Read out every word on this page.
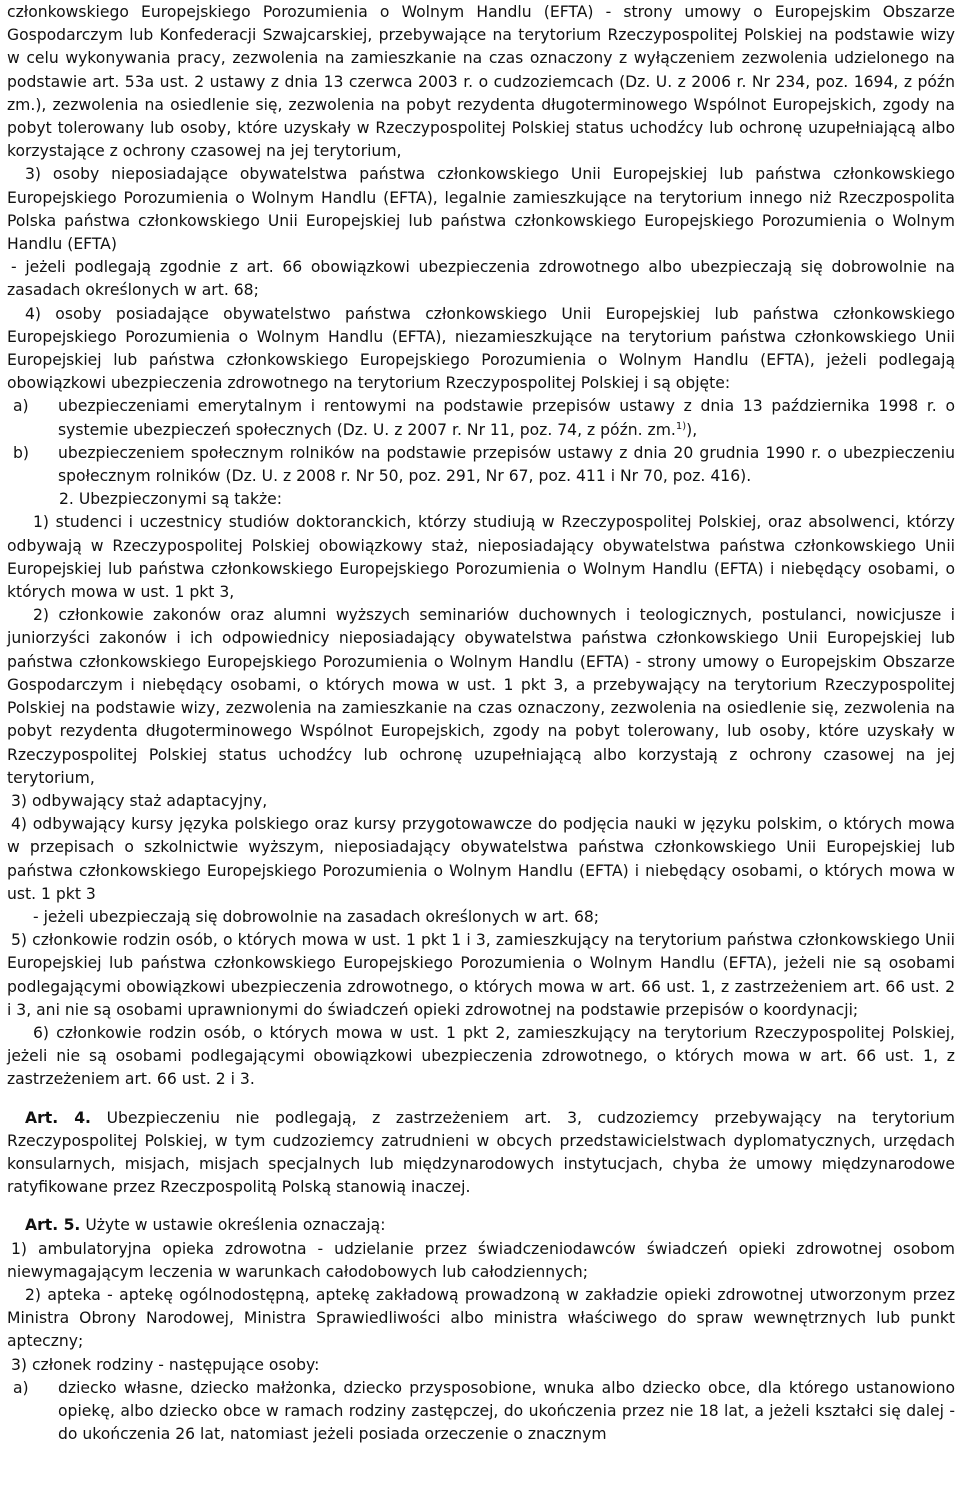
członkowskiego Europejskiego Porozumienia o Wolnym Handlu (EFTA) - strony umowy o Europejskim Obszarze Gospodarczym lub Konfederacji Szwajcarskiej, przebywające na terytorium Rzeczypospolitej Polskiej na podstawie wizy w celu wykonywania pracy, zezwolenia na zamieszkanie na czas oznaczony z wyłączeniem zezwolenia udzielonego na podstawie art. 53a ust. 2 ustawy z dnia 13 czerwca 2003 r. o cudzoziemcach (Dz. U. z 2006 r. Nr 234, poz. 1694, z późn zm.), zezwolenia na osiedlenie się, zezwolenia na pobyt rezydenta długoterminowego Wspólnot Europejskich, zgody na pobyt tolerowany lub osoby, które uzyskały w Rzeczypospolitej Polskiej status uchodźcy lub ochronę uzupełniającą albo korzystające z ochrony czasowej na jej terytorium,

3) osoby nieposiadające obywatelstwa państwa członkowskiego Unii Europejskiej lub państwa członkowskiego Europejskiego Porozumienia o Wolnym Handlu (EFTA), legalnie zamieszkujące na terytorium innego niż Rzeczpospolita Polska państwa członkowskiego Unii Europejskiej lub państwa członkowskiego Europejskiego Porozumienia o Wolnym Handlu (EFTA)

- jeżeli podlegają zgodnie z art. 66 obowiązkowi ubezpieczenia zdrowotnego albo ubezpieczają się dobrowolnie na zasadach określonych w art. 68;

4) osoby posiadające obywatelstwo państwa członkowskiego Unii Europejskiej lub państwa członkowskiego Europejskiego Porozumienia o Wolnym Handlu (EFTA), niezamieszkujące na terytorium państwa członkowskiego Unii Europejskiej lub państwa członkowskiego Europejskiego Porozumienia o Wolnym Handlu (EFTA), jeżeli podlegają obowiązkowi ubezpieczenia zdrowotnego na terytorium Rzeczypospolitej Polskiej i są objęte:

a)	ubezpieczeniami emerytalnym i rentowymi na podstawie przepisów ustawy z dnia 13 października 1998 r. o systemie ubezpieczeń społecznych (Dz. U. z 2007 r. Nr 11, poz. 74, z późn. zm.$^{1)}$),
b)	ubezpieczeniem społecznym rolników na podstawie przepisów ustawy z dnia 20 grudnia 1990 r. o ubezpieczeniu społecznym rolników (Dz. U. z 2008 r. Nr 50, poz. 291, Nr 67, poz. 411 i Nr 70, poz. 416).

2. Ubezpieczonymi są także:

1) studenci i uczestnicy studiów doktoranckich, którzy studiują w Rzeczypospolitej Polskiej, oraz absolwenci, którzy odbywają w Rzeczypospolitej Polskiej obowiązkowy staż, nieposiadający obywatelstwa państwa członkowskiego Unii Europejskiej lub państwa członkowskiego Europejskiego Porozumienia o Wolnym Handlu (EFTA) i niebędący osobami, o których mowa w ust. 1 pkt 3,

2) członkowie zakonów oraz alumni wyższych seminariów duchownych i teologicznych, postulanci, nowicjusze i juniorzyści zakonów i ich odpowiednicy nieposiadający obywatelstwa państwa członkowskiego Unii Europejskiej lub państwa członkowskiego Europejskiego Porozumienia o Wolnym Handlu (EFTA) - strony umowy o Europejskim Obszarze Gospodarczym i niebędący osobami, o których mowa w ust. 1 pkt 3, a przebywający na terytorium Rzeczypospolitej Polskiej na podstawie wizy, zezwolenia na zamieszkanie na czas oznaczony, zezwolenia na osiedlenie się, zezwolenia na pobyt rezydenta długoterminowego Wspólnot Europejskich, zgody na pobyt tolerowany, lub osoby, które uzyskały w Rzeczypospolitej Polskiej status uchodźcy lub ochronę uzupełniającą albo korzystają z ochrony czasowej na jej terytorium,

3) odbywający staż adaptacyjny,

4) odbywający kursy języka polskiego oraz kursy przygotowawcze do podjęcia nauki w języku polskim, o których mowa w przepisach o szkolnictwie wyższym, nieposiadający obywatelstwa państwa członkowskiego Unii Europejskiej lub państwa członkowskiego Europejskiego Porozumienia o Wolnym Handlu (EFTA) i niebędący osobami, o których mowa w ust. 1 pkt 3

- jeżeli ubezpieczają się dobrowolnie na zasadach określonych w art. 68;

5) członkowie rodzin osób, o których mowa w ust. 1 pkt 1 i 3, zamieszkujący na terytorium państwa członkowskiego Unii Europejskiej lub państwa członkowskiego Europejskiego Porozumienia o Wolnym Handlu (EFTA), jeżeli nie są osobami podlegającymi obowiązkowi ubezpieczenia zdrowotnego, o których mowa w art. 66 ust. 1, z zastrzeżeniem art. 66 ust. 2 i 3, ani nie są osobami uprawnionymi do świadczeń opieki zdrowotnej na podstawie przepisów o koordynacji;

6) członkowie rodzin osób, o których mowa w ust. 1 pkt 2, zamieszkujący na terytorium Rzeczypospolitej Polskiej, jeżeli nie są osobami podlegającymi obowiązkowi ubezpieczenia zdrowotnego, o których mowa w art. 66 ust. 1, z zastrzeżeniem art. 66 ust. 2 i 3.

Art. 4. Ubezpieczeniu nie podlegają, z zastrzeżeniem art. 3, cudzoziemcy przebywający na terytorium Rzeczypospolitej Polskiej, w tym cudzoziemcy zatrudnieni w obcych przedstawicielstwach dyplomatycznych, urzędach konsularnych, misjach, misjach specjalnych lub międzynarodowych instytucjach, chyba że umowy międzynarodowe ratyfikowane przez Rzeczpospolitą Polską stanowią inaczej.

Art. 5. Użyte w ustawie określenia oznaczają:

1) ambulatoryjna opieka zdrowotna - udzielanie przez świadczeniodawców świadczeń opieki zdrowotnej osobom niewymagającym leczenia w warunkach całodobowych lub całodziennych;

2) apteka - aptekę ogólnodostępną, aptekę zakładową prowadzoną w zakładzie opieki zdrowotnej utworzonym przez Ministra Obrony Narodowej, Ministra Sprawiedliwości albo ministra właściwego do spraw wewnętrznych lub punkt apteczny;

3) członek rodziny - następujące osoby:

a)	dziecko własne, dziecko małżonka, dziecko przysposobione, wnuka albo dziecko obce, dla którego ustanowiono opiekę, albo dziecko obce w ramach rodziny zastępczej, do ukończenia przez nie 18 lat, a jeżeli kształci się dalej - do ukończenia 26 lat, natomiast jeżeli posiada orzeczenie o znacznym
